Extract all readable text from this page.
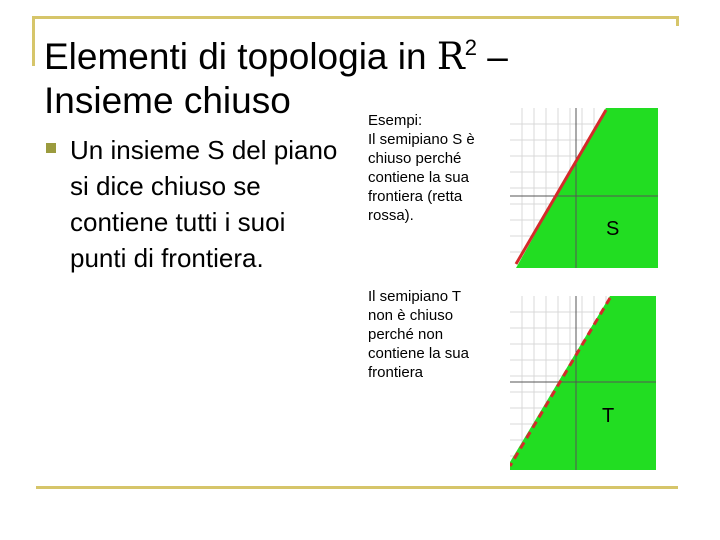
Elementi di topologia in $R^2$ –
Insieme chiuso
Un insieme S del piano si dice chiuso se contiene tutti i suoi punti di frontiera.
Esempi:
Il semipiano S è chiuso perché contiene la sua frontiera (retta rossa).
Il semipiano T non è chiuso perché non contiene la sua frontiera
S
T
